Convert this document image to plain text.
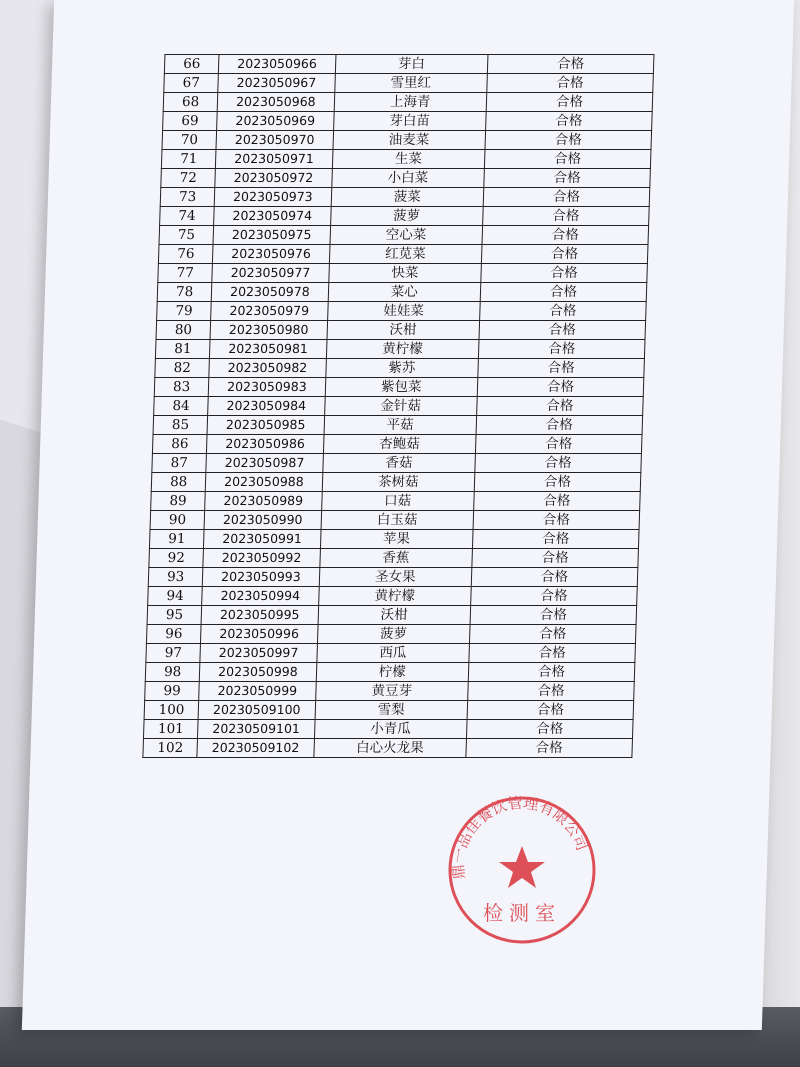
66	2023050966	芽白	合格
67	2023050967	雪里红	合格
68	2023050968	上海青	合格
69	2023050969	芽白苗	合格
70	2023050970	油麦菜	合格
71	2023050971	生菜	合格
72	2023050972	小白菜	合格
73	2023050973	菠菜	合格
74	2023050974	菠萝	合格
75	2023050975	空心菜	合格
76	2023050976	红苋菜	合格
77	2023050977	快菜	合格
78	2023050978	菜心	合格
79	2023050979	娃娃菜	合格
80	2023050980	沃柑	合格
81	2023050981	黄柠檬	合格
82	2023050982	紫苏	合格
83	2023050983	紫包菜	合格
84	2023050984	金针菇	合格
85	2023050985	平菇	合格
86	2023050986	杏鲍菇	合格
87	2023050987	香菇	合格
88	2023050988	茶树菇	合格
89	2023050989	口菇	合格
90	2023050990	白玉菇	合格
91	2023050991	苹果	合格
92	2023050992	香蕉	合格
93	2023050993	圣女果	合格
94	2023050994	黄柠檬	合格
95	2023050995	沃柑	合格
96	2023050996	菠萝	合格
97	2023050997	西瓜	合格
98	2023050998	柠檬	合格
99	2023050999	黄豆芽	合格
100	20230509100	雪梨	合格
101	20230509101	小青瓜	合格
102	20230509102	白心火龙果	合格
鼎一品佳餐饮管理有限公司
检测室
